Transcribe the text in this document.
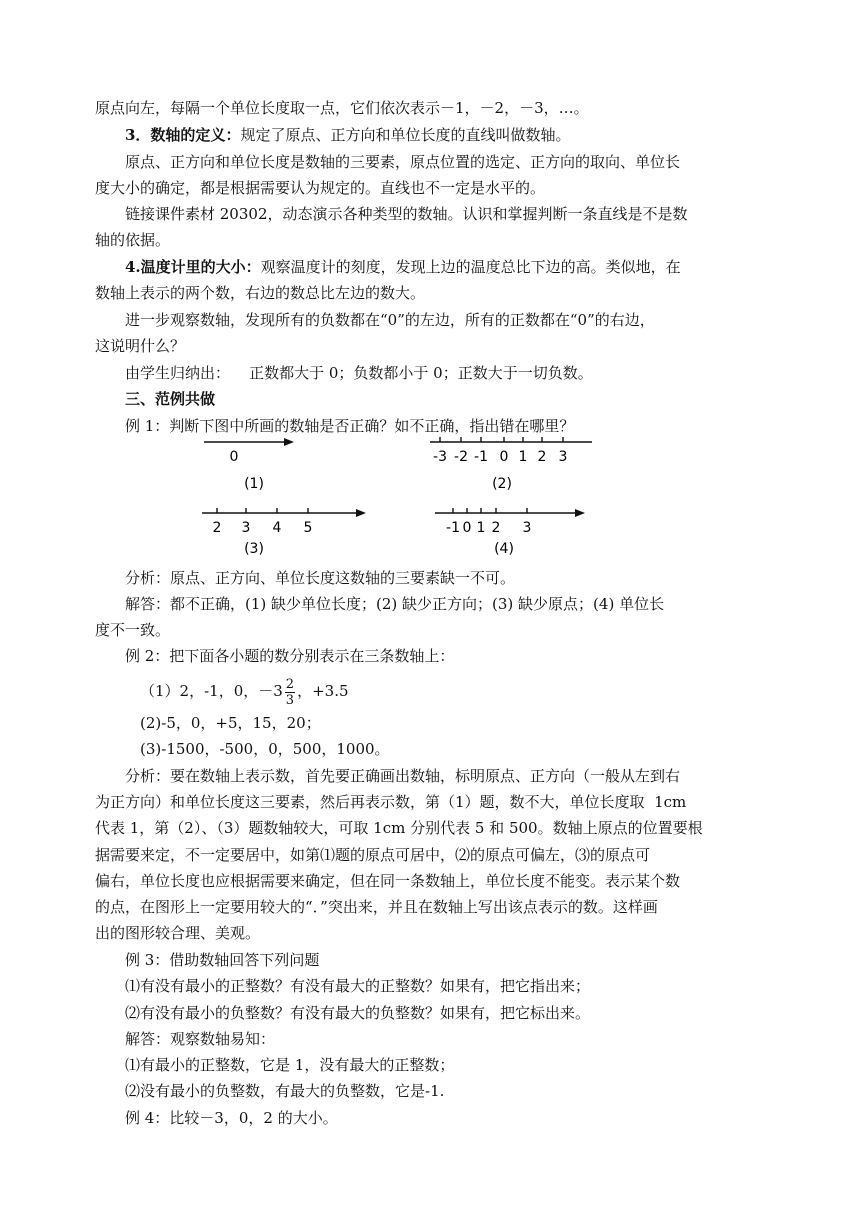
原点向左，每隔一个单位长度取一点，它们依次表示－1，－2，－3，…。
3．数轴的定义：规定了原点、正方向和单位长度的直线叫做数轴。
原点、正方向和单位长度是数轴的三要素，原点位置的选定、正方向的取向、单位长
度大小的确定，都是根据需要认为规定的。直线也不一定是水平的。
链接课件素材 20302，动态演示各种类型的数轴。认识和掌握判断一条直线是不是数
轴的依据。
4.温度计里的大小：观察温度计的刻度，发现上边的温度总比下边的高。类似地，在
数轴上表示的两个数，右边的数总比左边的数大。
进一步观察数轴，发现所有的负数都在“0”的左边，所有的正数都在“0”的右边，
这说明什么？
由学生归纳出：    正数都大于 0；负数都小于 0；正数大于一切负数。
三、范例共做
例 1：判断下图中所画的数轴是否正确？如不正确，指出错在哪里？
0
(1)
-3 -2 -1 0 1 2 3
(2)
2 3 4 5
(3)
-1 0 1 2 3
(4)
分析：原点、正方向、单位长度这数轴的三要素缺一不可。
解答：都不正确，(1) 缺少单位长度；(2) 缺少正方向；(3) 缺少原点；(4) 单位长
度不一致。
例 2：把下面各小题的数分别表示在三条数轴上：
（1）2，-1，0，$-3 \frac{2}{3}$ ，+3.5
(2)-5，0，+5，15，20；
(3)-1500，-500，0，500，1000。
分析：要在数轴上表示数，首先要正确画出数轴，标明原点、正方向（一般从左到右
为正方向）和单位长度这三要素，然后再表示数，第（1）题，数不大，单位长度取  1cm
代表 1，第（2）、（3）题数轴较大，可取 1cm 分别代表 5 和 500。数轴上原点的位置要根
据需要来定，不一定要居中，如第⑴题的原点可居中，⑵的原点可偏左，⑶的原点可
偏右，单位长度也应根据需要来确定，但在同一条数轴上，单位长度不能变。表示某个数
的点，在图形上一定要用较大的“．”突出来，并且在数轴上写出该点表示的数。这样画
出的图形较合理、美观。
例 3：借助数轴回答下列问题
⑴有没有最小的正整数？有没有最大的正整数？如果有，把它指出来；
⑵有没有最小的负整数？有没有最大的负整数？如果有，把它标出来。
解答：观察数轴易知：
⑴有最小的正整数，它是 1，没有最大的正整数；
⑵没有最小的负整数，有最大的负整数，它是-1.
例 4：比较－3，0，2 的大小。
